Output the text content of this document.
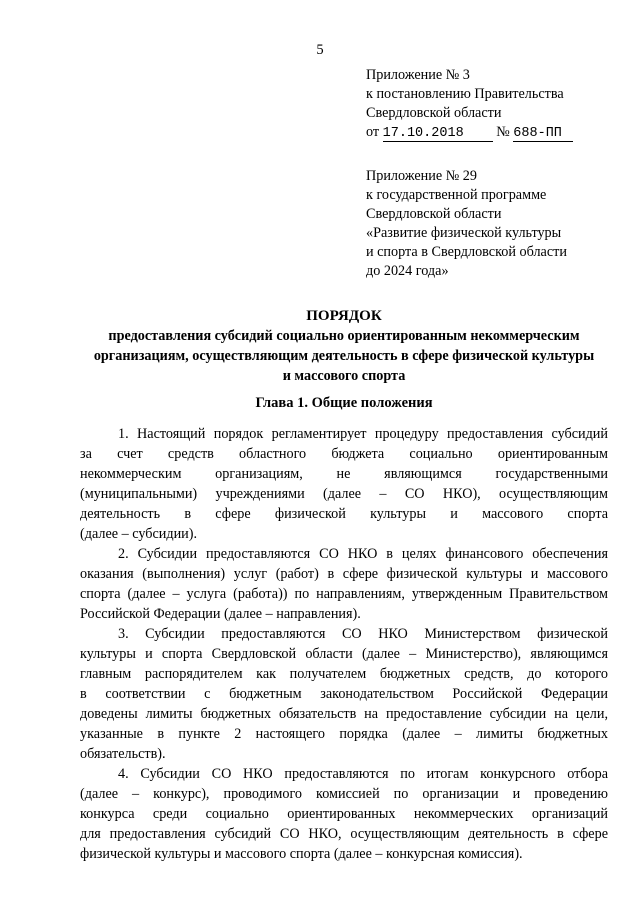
5
Приложение № 3
к постановлению Правительства
Свердловской области
от 17.10.2018 № 688-ПП
Приложение № 29
к государственной программе
Свердловской области
«Развитие физической культуры
и спорта в Свердловской области
до 2024 года»
ПОРЯДОК
предоставления субсидий социально ориентированным некоммерческим
организациям, осуществляющим деятельность в сфере физической культуры
и массового спорта
Глава 1. Общие положения

1. Настоящий порядок регламентирует процедуру предоставления субсидий
за счет средств областного бюджета социально ориентированным
некоммерческим организациям, не являющимся государственными
(муниципальными) учреждениями (далее – СО НКО), осуществляющим
деятельность в сфере физической культуры и массового спорта
(далее – субсидии).

2. Субсидии предоставляются СО НКО в целях финансового обеспечения
оказания (выполнения) услуг (работ) в сфере физической культуры и массового
спорта (далее – услуга (работа)) по направлениям, утвержденным Правительством
Российской Федерации (далее – направления).

3. Субсидии предоставляются СО НКО Министерством физической
культуры и спорта Свердловской области (далее – Министерство), являющимся
главным распорядителем как получателем бюджетных средств, до которого
в соответствии с бюджетным законодательством Российской Федерации
доведены лимиты бюджетных обязательств на предоставление субсидии на цели,
указанные в пункте 2 настоящего порядка (далее – лимиты бюджетных
обязательств).

4. Субсидии СО НКО предоставляются по итогам конкурсного отбора
(далее – конкурс), проводимого комиссией по организации и проведению
конкурса среди социально ориентированных некоммерческих организаций
для предоставления субсидий СО НКО, осуществляющим деятельность в сфере
физической культуры и массового спорта (далее – конкурсная комиссия).
